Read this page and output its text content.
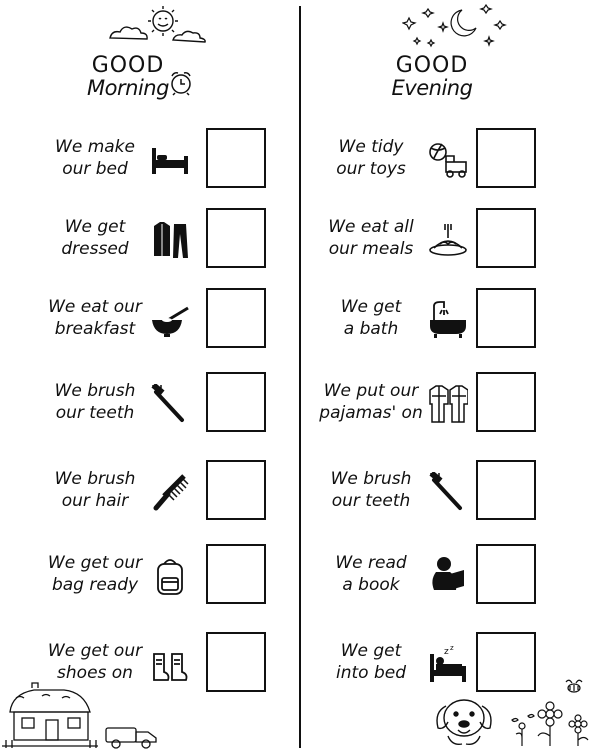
GOOD
Morning
We make
our bed
We get
dressed
We eat our
breakfast
We brush
our teeth
We brush
our hair
We get our
bag ready
We get our
shoes on
GOOD
Evening
We tidy
our toys
We eat all
our meals
We get
a bath
We put our
pajamas' on
We brush
our teeth
We read
a book
We get
into bed
z z
